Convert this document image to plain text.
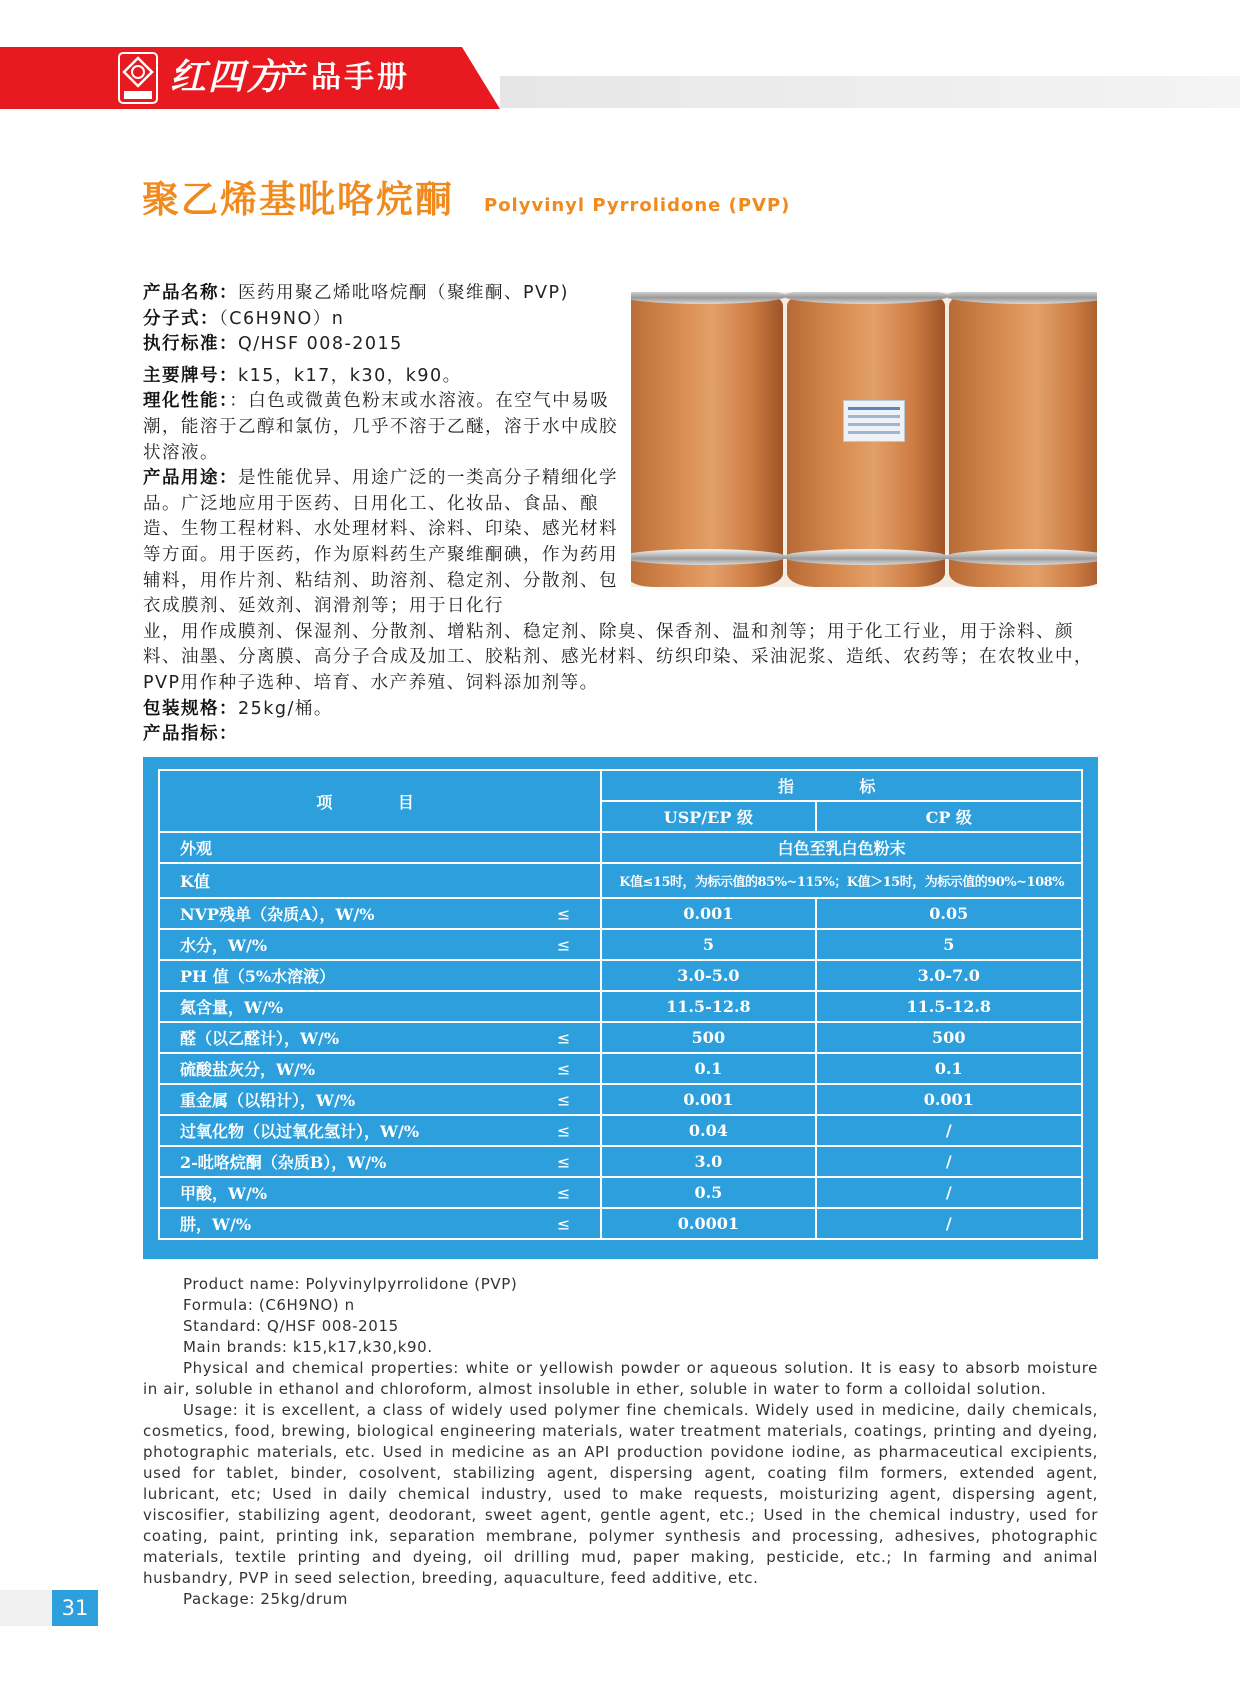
红四方
产品手册
聚乙烯基吡咯烷酮 Polyvinyl Pyrrolidone (PVP)
产品名称：医药用聚乙烯吡咯烷酮（聚维酮、PVP)
分子式：（C6H9NO）n
执行标准：Q/HSF 008-2015
主要牌号：k15，k17，k30，k90。
理化性能：：白色或微黄色粉末或水溶液。在空气中易吸潮，能溶于乙醇和氯仿，几乎不溶于乙醚，溶于水中成胶状溶液。
产品用途：是性能优异、用途广泛的一类高分子精细化学品。广泛地应用于医药、日用化工、化妆品、食品、酿造、生物工程材料、水处理材料、涂料、印染、感光材料等方面。用于医药，作为原料药生产聚维酮碘，作为药用辅料，用作片剂、粘结剂、助溶剂、稳定剂、分散剂、包衣成膜剂、延效剂、润滑剂等；用于日化行
业，用作成膜剂、保湿剂、分散剂、增粘剂、稳定剂、除臭、保香剂、温和剂等；用于化工行业，用于涂料、颜料、油墨、分离膜、高分子合成及加工、胶粘剂、感光材料、纺织印染、采油泥浆、造纸、农药等；在农牧业中，PVP用作种子选种、培育、水产养殖、饲料添加剂等。
包装规格：25kg/桶。
产品指标：
项 目	指 标	
	USP/EP 级	CP 级
外观	白色至乳白色粉末	
K值	K值≤15时，为标示值的85%~115%；K值＞15时，为标示值的90%~108%	
NVP残单（杂质A），W/% ≤	0.001	0.05
水分，W/% ≤	5	5
PH 值（5%水溶液）	3.0-5.0	3.0-7.0
氮含量，W/%	11.5-12.8	11.5-12.8
醛（以乙醛计），W/% ≤	500	500
硫酸盐灰分，W/% ≤	0.1	0.1
重金属（以铅计），W/% ≤	0.001	0.001
过氧化物（以过氧化氢计），W/% ≤	0.04	/
2-吡咯烷酮（杂质B），W/% ≤	3.0	/
甲酸，W/% ≤	0.5	/
肼，W/% ≤	0.0001	/

Product name: Polyvinylpyrrolidone (PVP)

Formula: (C6H9NO) n

Standard: Q/HSF 008-2015

Main brands: k15,k17,k30,k90.

Physical and chemical properties: white or yellowish powder or aqueous solution. It is easy to absorb moisture in air, soluble in ethanol and chloroform, almost insoluble in ether, soluble in water to form a colloidal solution.

Usage: it is excellent, a class of widely used polymer fine chemicals. Widely used in medicine, daily chemicals, cosmetics, food, brewing, biological engineering materials, water treatment materials, coatings, printing and dyeing, photographic materials, etc. Used in medicine as an API production povidone iodine, as pharmaceutical excipients, used for tablet, binder, cosolvent, stabilizing agent, dispersing agent, coating film formers, extended agent, lubricant, etc; Used in daily chemical industry, used to make requests, moisturizing agent, dispersing agent, viscosifier, stabilizing agent, deodorant, sweet agent, gentle agent, etc.; Used in the chemical industry, used for coating, paint, printing ink, separation membrane, polymer synthesis and processing, adhesives, photographic materials, textile printing and dyeing, oil drilling mud, paper making, pesticide, etc.; In farming and animal husbandry, PVP in seed selection, breeding, aquaculture, feed additive, etc.

Package: 25kg/drum

31
